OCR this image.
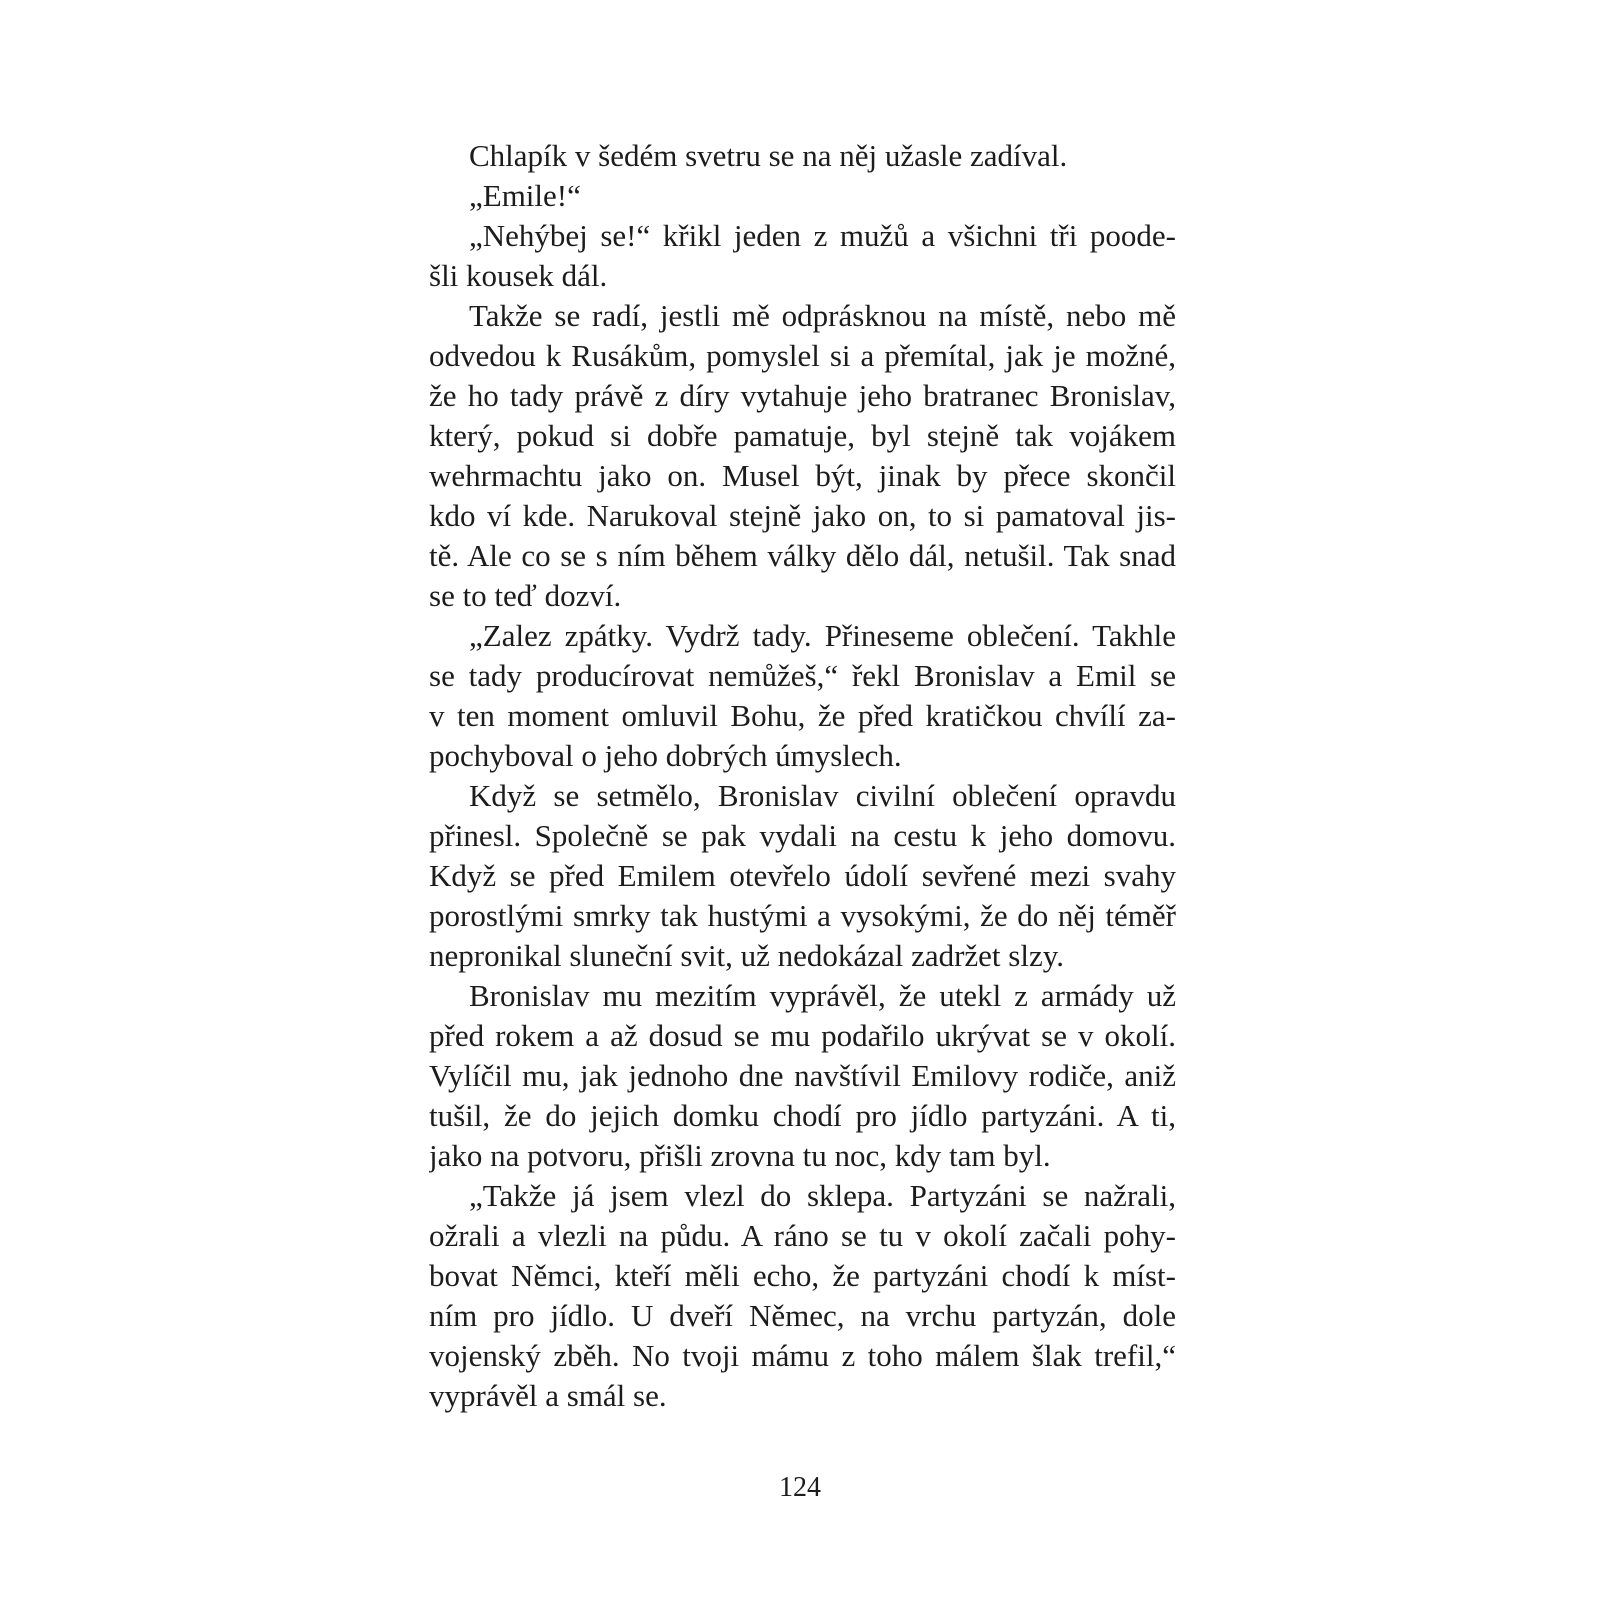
Chlapík v šedém svetru se na něj užasle zadíval.
„Emile!“
„Nehýbej se!“ křikl jeden z mužů a všichni tři poode-
šli kousek dál.
Takže se radí, jestli mě odprásknou na místě, nebo mě
odvedou k Rusákům, pomyslel si a přemítal, jak je možné,
že ho tady právě z díry vytahuje jeho bratranec Bronislav,
který, pokud si dobře pamatuje, byl stejně tak vojákem
wehrmachtu jako on. Musel být, jinak by přece skončil
kdo ví kde. Narukoval stejně jako on, to si pamatoval jis-
tě. Ale co se s ním během války dělo dál, netušil. Tak snad
se to teď dozví.
„Zalez zpátky. Vydrž tady. Přineseme oblečení. Takhle
se tady producírovat nemůžeš,“ řekl Bronislav a Emil se
v ten moment omluvil Bohu, že před kratičkou chvílí za-
pochyboval o jeho dobrých úmyslech.
Když se setmělo, Bronislav civilní oblečení opravdu
přinesl. Společně se pak vydali na cestu k jeho domovu.
Když se před Emilem otevřelo údolí sevřené mezi svahy
porostlými smrky tak hustými a vysokými, že do něj téměř
nepronikal sluneční svit, už nedokázal zadržet slzy.
Bronislav mu mezitím vyprávěl, že utekl z armády už
před rokem a až dosud se mu podařilo ukrývat se v okolí.
Vylíčil mu, jak jednoho dne navštívil Emilovy rodiče, aniž
tušil, že do jejich domku chodí pro jídlo partyzáni. A ti,
jako na potvoru, přišli zrovna tu noc, kdy tam byl.
„Takže já jsem vlezl do sklepa. Partyzáni se nažrali,
ožrali a vlezli na půdu. A ráno se tu v okolí začali pohy-
bovat Němci, kteří měli echo, že partyzáni chodí k míst-
ním pro jídlo. U dveří Němec, na vrchu partyzán, dole
vojenský zběh. No tvoji mámu z toho málem šlak trefil,“
vyprávěl a smál se.
124
